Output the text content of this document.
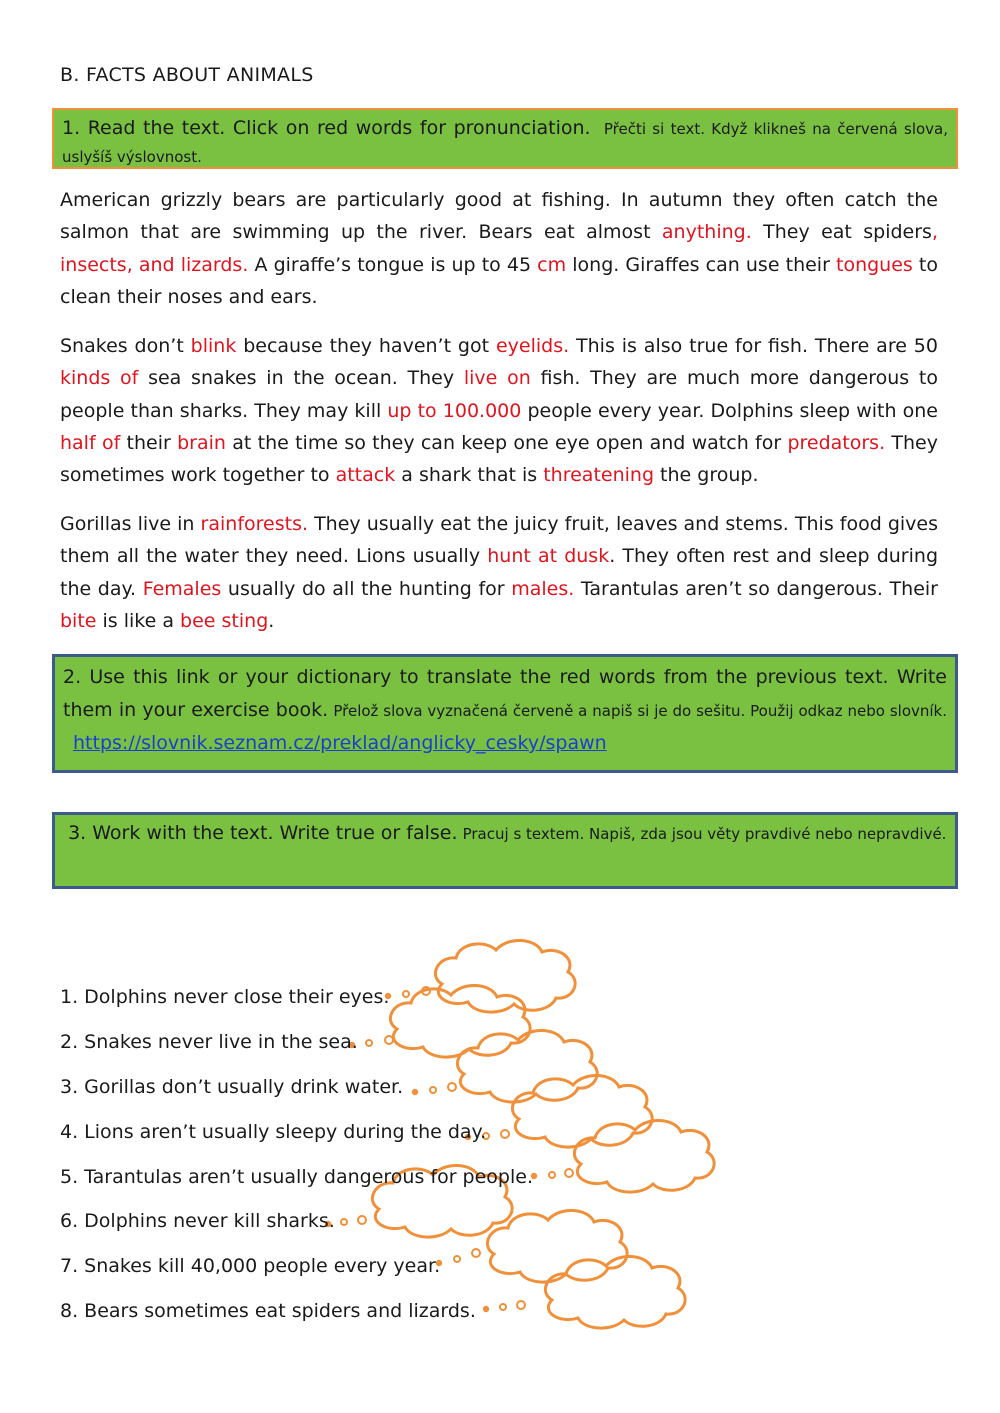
B. FACTS ABOUT ANIMALS

1. Read the text. Click on red words for pronunciation. Přečti si text. Když klikneš na červená slova, uslyšíš výslovnost.

American grizzly bears are particularly good at fishing. In autumn they often catch the salmon that are swimming up the river. Bears eat almost anything. They eat spiders, insects, and lizards. A giraffe’s tongue is up to 45 cm long. Giraffes can use their tongues to clean their noses and ears.

Snakes don’t blink because they haven’t got eyelids. This is also true for fish. There are 50 kinds of sea snakes in the ocean. They live on fish. They are much more dangerous to people than sharks. They may kill up to 100.000 people every year. Dolphins sleep with one half of their brain at the time so they can keep one eye open and watch for predators. They sometimes work together to attack a shark that is threatening the group.

Gorillas live in rainforests. They usually eat the juicy fruit, leaves and stems. This food gives them all the water they need. Lions usually hunt at dusk. They often rest and sleep during the day. Females usually do all the hunting for males. Tarantulas aren’t so dangerous. Their bite is like a bee sting.

2. Use this link or your dictionary to translate the red words from the previous text. Write them in your exercise book. Přelož slova vyznačená červeně a napiš si je do sešitu. Použij odkaz nebo slovník. https://slovnik.seznam.cz/preklad/anglicky_cesky/spawn

3. Work with the text. Write true or false. Pracuj s textem. Napiš, zda jsou věty pravdivé nebo nepravdivé.

1. Dolphins never close their eyes.
2. Snakes never live in the sea.
3. Gorillas don’t usually drink water.
4. Lions aren’t usually sleepy during the day.
5. Tarantulas aren’t usually dangerous for people.
6. Dolphins never kill sharks.
7. Snakes kill 40,000 people every year.
8. Bears sometimes eat spiders and lizards.
